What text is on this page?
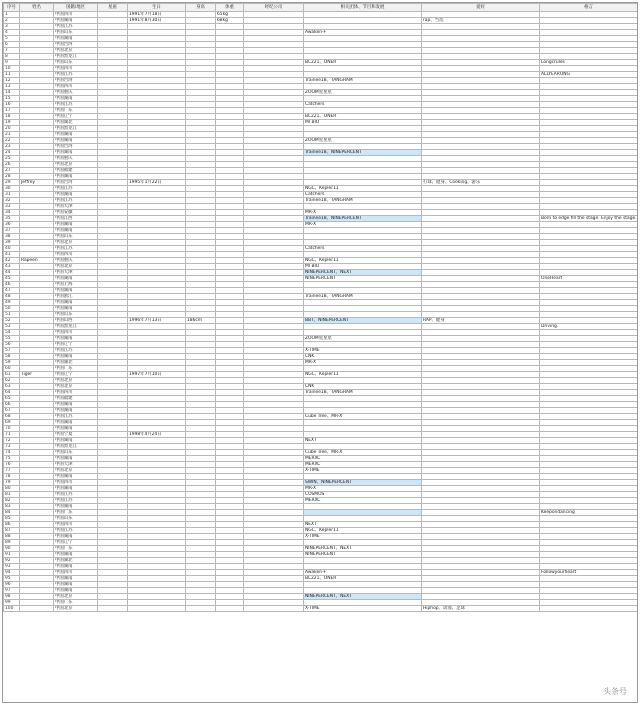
序号	姓名	国籍/地区	星座	生日	身高	体重	经纪公司	相关团体、节目和发展	爱好	格言
1		中国四川		1991年7月18日		65kg				
2		中国湖南		1991年8月30日		68kg			rap、当选	
3		中国江苏								
4		中国山东						Awaken-F		
5		中国湖南								
6		中国台湾								
7		中国北京								
8		中国黑龙江								
9		中国山东						BC221、ONER		Longcrules
10		中国四川								
11		中国江苏								ALLYEARONG
12		中国台湾						Trainee18、TANGRAM		
13		中国四川								
14		中国重庆						ZOOM星星星		
15		中国湖南								
16		中国江苏						Catchers		
17		中国广东								
18		中国辽宁						BC221、ONER		
19		中国湖北						MI BIO		
20		中国黑龙江								
21		中国湖南								
22		中国湖南						ZOOM星星星		
23		中国台湾								
24		中国湖南						Trainee18、NINEPERCENT		
25		中国重庆								
26		中国北京								
27		中国福建								
28		中国湖南								
29	Jeffrey	中国台湾		1995年1月22日					打球、健身、Cooking、游乐	
30		中国江苏						NGC、Kepler11		
31		中国湖南						Catchers		
32		中国江苏						Trainee18、TANGRAM		
33		中国天津								
34		中国安徽						MR-X		
35		中国江西						Trainee18、NINEPERCENT		Born to edge fill the stage. Enjoy the stage.
36		中国湖南						MR-X		
37		中国湖南								
38		中国山东								
39		中国北京								
40		中国江苏						Catchers		
41		中国四川								
42	Rapeen	中国重庆						NGC、Kepler11		
43		中国北京						MI BIO		
44		中国天津						NINEPERCENT、NEXT		
45		中国湖南						NINEPERCENT		OneHeart
46		中国上海								
47		中国湖南								
48		中国浙江						Trainee18、TANGRAM		
49		中国湖南								
50		中国湖南								
51		中国山东								
52		中国山西		1996年7月13日	186cm			BBT、NINEPERCENT	RAP、健身	
53		中国黑龙江								Driving.
54		中国四川								
55		中国湖南						ZOOM星星星		
56		中国辽宁								
57		中国江苏						X-TIME		
58		中国湖南						CNK		
59		中国湖北						MR-X		
60		中国广东								
61	Tiger	中国辽宁		1997年7月10日				NGC、Kepler11		
62		中国北京								
63		中国北京						CNK		
64		中国四川						Trainee18、TANGRAM		
65		中国福建								
66		中国湖南								
67		中国湖南								
68		中国江苏						Cube Tree、MR-X		
69		中国湖南								
70		中国湖南								
71		中国宁夏		1998年4月24日						
72		中国湖南						NEXT		
73		中国黑龙江								
74		中国山东						Cube Tree、MR-X		
75		中国湖南						MERXC		
76		中国天津						MERXC		
77		中国北京						X-TIME		
78		中国湖南								
79		中国四川						SWIN、NINEPERCENT		
80		中国湖南						MR-X		
81		中国江苏						COSMOS		
82		中国江苏						MERXC		
83		中国湖南								
84		中国广东								Keepondancing
85		中国山东								
86		中国四川						NEXT		
87		中国江苏						NGC、Kepler11		
88		中国湖南						X-TIME		
89		中国辽宁								
90		中国广东						NINEPERCENT、NEXT		
91		中国湖南						NINEPERCENT		
92		中国湖北								
93		中国湖南								
94		中国四川						Awaken-F		Followyourheart
95		中国湖南						BC221、ONER		
96		中国湖南								
97		中国湖南								
98		中国北京						NINEPERCENT、NEXT		
99		中国广东								
100		中国北京						X-TIME	Hiphop、动漫、足球	
头条号
